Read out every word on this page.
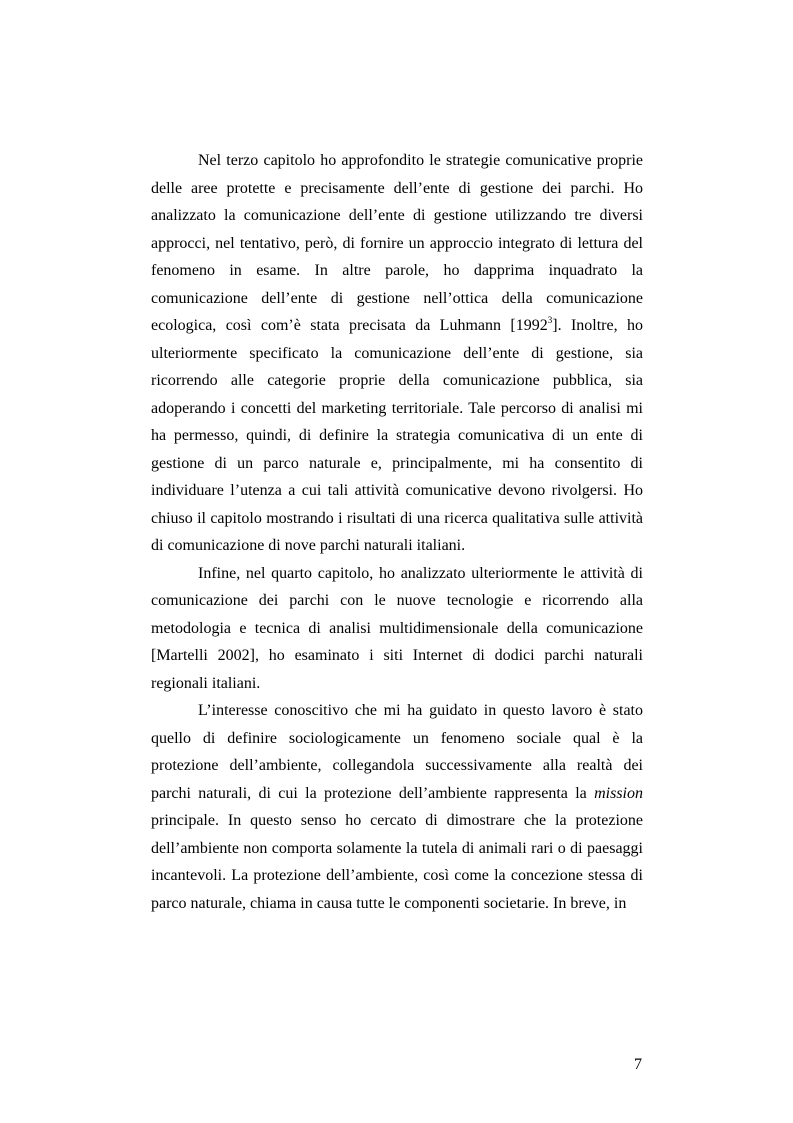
Nel terzo capitolo ho approfondito le strategie comunicative proprie delle aree protette e precisamente dell’ente di gestione dei parchi. Ho analizzato la comunicazione dell’ente di gestione utilizzando tre diversi approcci, nel tentativo, però, di fornire un approccio integrato di lettura del fenomeno in esame. In altre parole, ho dapprima inquadrato la comunicazione dell’ente di gestione nell’ottica della comunicazione ecologica, così com’è stata precisata da Luhmann [1992$^3$]. Inoltre, ho ulteriormente specificato la comunicazione dell’ente di gestione, sia ricorrendo alle categorie proprie della comunicazione pubblica, sia adoperando i concetti del marketing territoriale. Tale percorso di analisi mi ha permesso, quindi, di definire la strategia comunicativa di un ente di gestione di un parco naturale e, principalmente, mi ha consentito di individuare l’utenza a cui tali attività comunicative devono rivolgersi. Ho chiuso il capitolo mostrando i risultati di una ricerca qualitativa sulle attività di comunicazione di nove parchi naturali italiani.

Infine, nel quarto capitolo, ho analizzato ulteriormente le attività di comunicazione dei parchi con le nuove tecnologie e ricorrendo alla metodologia e tecnica di analisi multidimensionale della comunicazione [Martelli 2002], ho esaminato i siti Internet di dodici parchi naturali regionali italiani.

L’interesse conoscitivo che mi ha guidato in questo lavoro è stato quello di definire sociologicamente un fenomeno sociale qual è la protezione dell’ambiente, collegandola successivamente alla realtà dei parchi naturali, di cui la protezione dell’ambiente rappresenta la mission principale. In questo senso ho cercato di dimostrare che la protezione dell’ambiente non comporta solamente la tutela di animali rari o di paesaggi incantevoli. La protezione dell’ambiente, così come la concezione stessa di parco naturale, chiama in causa tutte le componenti societarie. In breve, in

7
